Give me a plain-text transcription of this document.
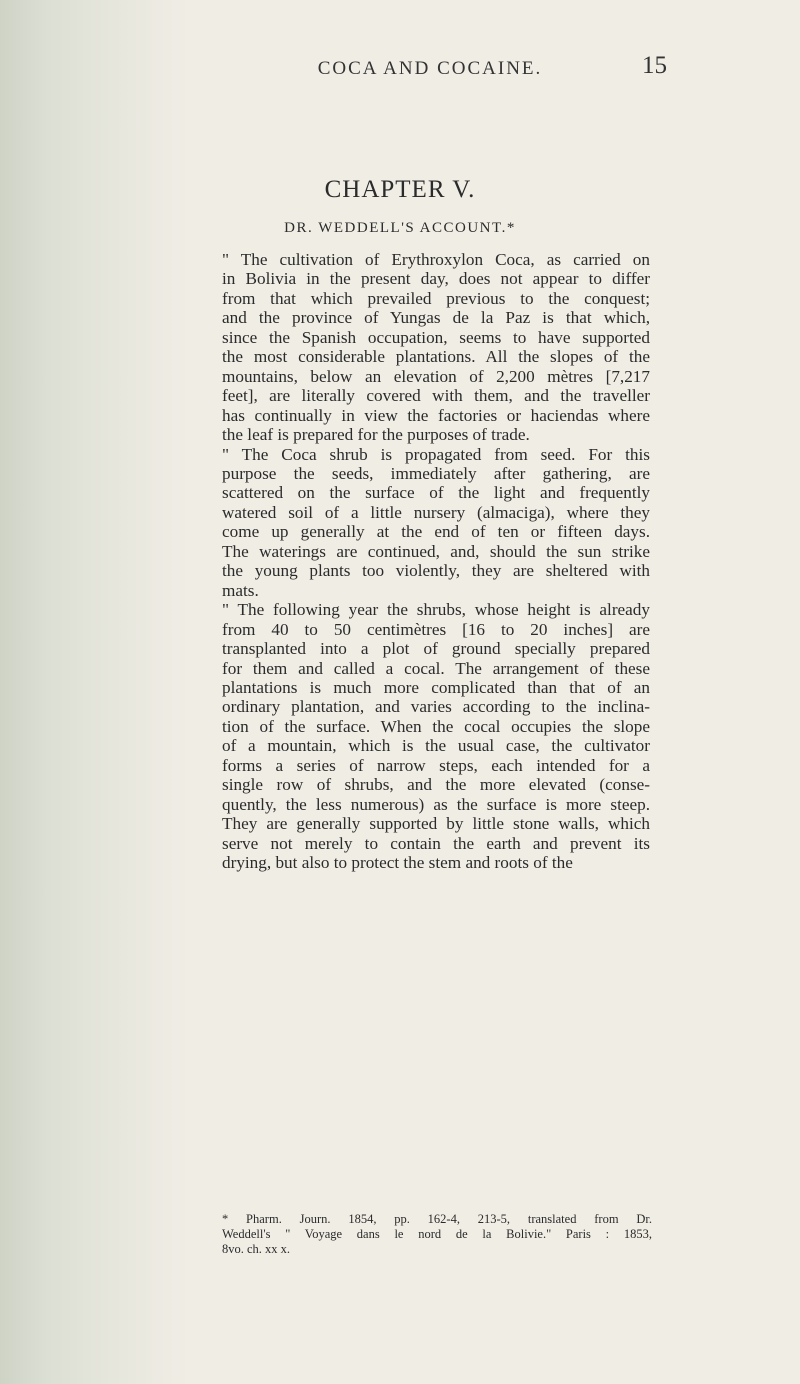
COCA AND COCAINE.	15
CHAPTER V.
DR. WEDDELL'S ACCOUNT.*
" The cultivation of Erythroxylon Coca, as carried on
in Bolivia in the present day, does not appear to differ
from that which prevailed previous to the conquest;
and the province of Yungas de la Paz is that which,
since the Spanish occupation, seems to have supported
the most considerable plantations. All the slopes of the
mountains, below an elevation of 2,200 mètres [7,217
feet], are literally covered with them, and the traveller
has continually in view the factories or haciendas where
the leaf is prepared for the purposes of trade.
" The Coca shrub is propagated from seed. For this
purpose the seeds, immediately after gathering, are
scattered on the surface of the light and frequently
watered soil of a little nursery (almaciga), where they
come up generally at the end of ten or fifteen days.
The waterings are continued, and, should the sun strike
the young plants too violently, they are sheltered with
mats.
" The following year the shrubs, whose height is already
from 40 to 50 centimètres [16 to 20 inches] are
transplanted into a plot of ground specially prepared
for them and called a cocal. The arrangement of these
plantations is much more complicated than that of an
ordinary plantation, and varies according to the inclina-
tion of the surface. When the cocal occupies the slope
of a mountain, which is the usual case, the cultivator
forms a series of narrow steps, each intended for a
single row of shrubs, and the more elevated (conse-
quently, the less numerous) as the surface is more steep.
They are generally supported by little stone walls, which
serve not merely to contain the earth and prevent its
drying, but also to protect the stem and roots of the
* Pharm. Journ. 1854, pp. 162-4, 213-5, translated from Dr.
Weddell's " Voyage dans le nord de la Bolivie." Paris : 1853,
8vo. ch. xx x.
